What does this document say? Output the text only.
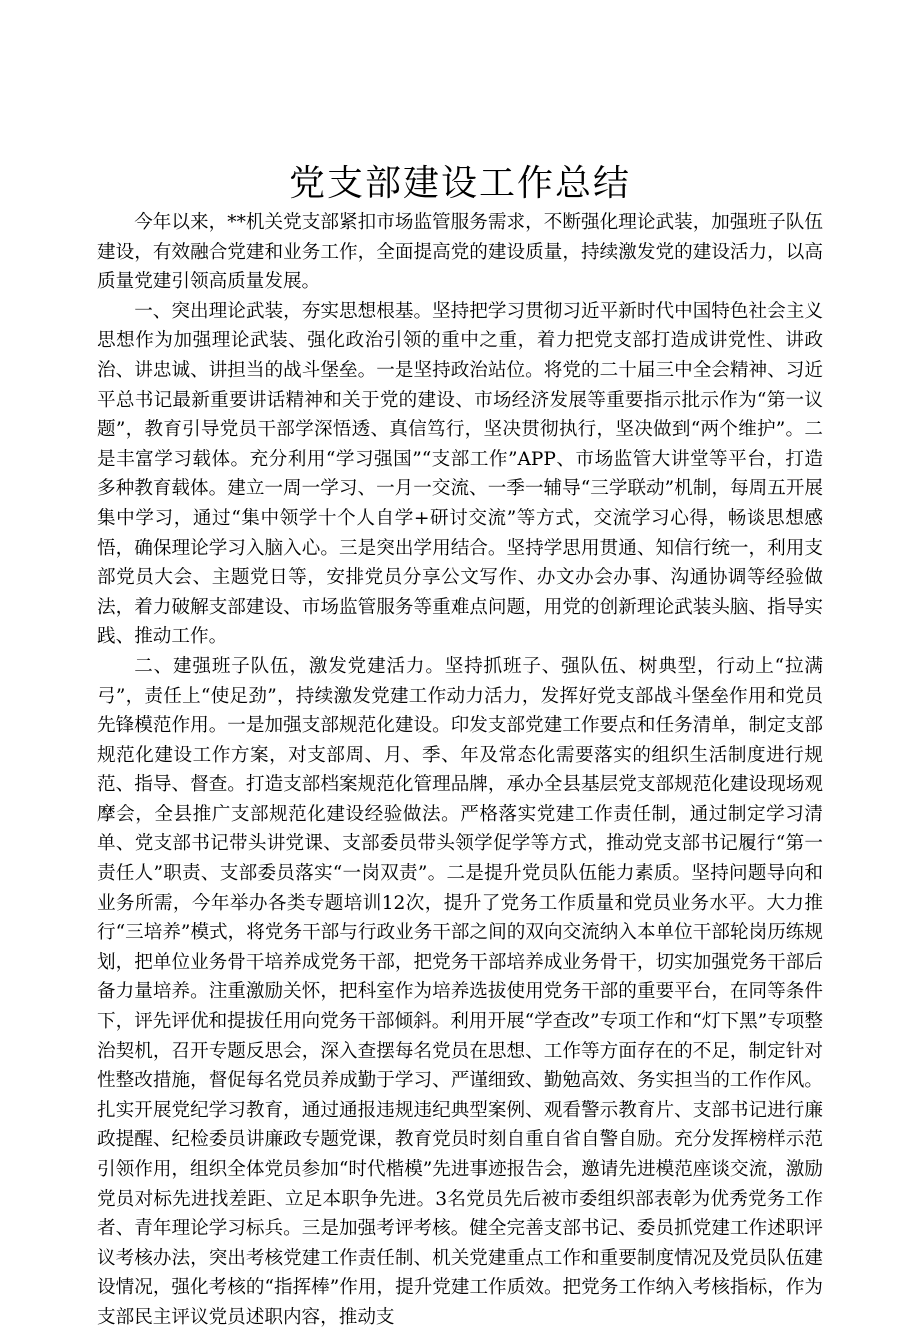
党支部建设工作总结

今年以来，**机关党支部紧扣市场监管服务需求，不断强化理论武装，加强班子队伍建设，有效融合党建和业务工作，全面提高党的建设质量，持续激发党的建设活力，以高质量党建引领高质量发展。

一、突出理论武装，夯实思想根基。坚持把学习贯彻习近平新时代中国特色社会主义思想作为加强理论武装、强化政治引领的重中之重，着力把党支部打造成讲党性、讲政治、讲忠诚、讲担当的战斗堡垒。一是坚持政治站位。将党的二十届三中全会精神、习近平总书记最新重要讲话精神和关于党的建设、市场经济发展等重要指示批示作为“第一议题”，教育引导党员干部学深悟透、真信笃行，坚决贯彻执行，坚决做到“两个维护”。二是丰富学习载体。充分利用“学习强国”“支部工作”APP、市场监管大讲堂等平台，打造多种教育载体。建立一周一学习、一月一交流、一季一辅导“三学联动”机制，每周五开展集中学习，通过“集中领学十个人自学+研讨交流”等方式，交流学习心得，畅谈思想感悟，确保理论学习入脑入心。三是突出学用结合。坚持学思用贯通、知信行统一，利用支部党员大会、主题党日等，安排党员分享公文写作、办文办会办事、沟通协调等经验做法，着力破解支部建设、市场监管服务等重难点问题，用党的创新理论武装头脑、指导实践、推动工作。

二、建强班子队伍，激发党建活力。坚持抓班子、强队伍、树典型，行动上“拉满弓”，责任上“使足劲”，持续激发党建工作动力活力，发挥好党支部战斗堡垒作用和党员先锋模范作用。一是加强支部规范化建设。印发支部党建工作要点和任务清单，制定支部规范化建设工作方案，对支部周、月、季、年及常态化需要落实的组织生活制度进行规范、指导、督查。打造支部档案规范化管理品牌，承办全县基层党支部规范化建设现场观摩会，全县推广支部规范化建设经验做法。严格落实党建工作责任制，通过制定学习清单、党支部书记带头讲党课、支部委员带头领学促学等方式，推动党支部书记履行“第一责任人”职责、支部委员落实“一岗双责”。二是提升党员队伍能力素质。坚持问题导向和业务所需，今年举办各类专题培训12次，提升了党务工作质量和党员业务水平。大力推行“三培养”模式，将党务干部与行政业务干部之间的双向交流纳入本单位干部轮岗历练规划，把单位业务骨干培养成党务干部，把党务干部培养成业务骨干，切实加强党务干部后备力量培养。注重激励关怀，把科室作为培养选拔使用党务干部的重要平台，在同等条件下，评先评优和提拔任用向党务干部倾斜。利用开展“学查改”专项工作和“灯下黑”专项整治契机，召开专题反思会，深入查摆每名党员在思想、工作等方面存在的不足，制定针对性整改措施，督促每名党员养成勤于学习、严谨细致、勤勉高效、务实担当的工作作风。扎实开展党纪学习教育，通过通报违规违纪典型案例、观看警示教育片、支部书记进行廉政提醒、纪检委员讲廉政专题党课，教育党员时刻自重自省自警自励。充分发挥榜样示范引领作用，组织全体党员参加“时代楷模”先进事迹报告会，邀请先进模范座谈交流，激励党员对标先进找差距、立足本职争先进。3名党员先后被市委组织部表彰为优秀党务工作者、青年理论学习标兵。三是加强考评考核。健全完善支部书记、委员抓党建工作述职评议考核办法，突出考核党建工作责任制、机关党建重点工作和重要制度情况及党员队伍建设情况，强化考核的“指挥棒”作用，提升党建工作质效。把党务工作纳入考核指标，作为支部民主评议党员述职内容，推动支
